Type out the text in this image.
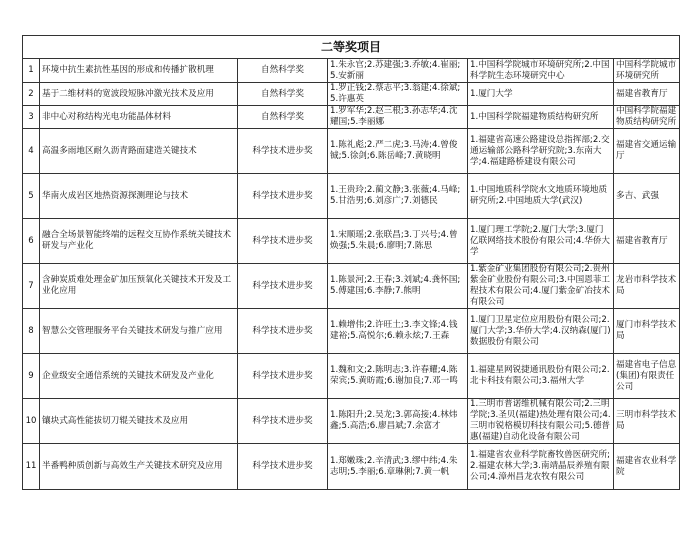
二等奖项目					
1	环境中抗生素抗性基因的形成和传播扩散机理	自然科学奖	1.朱永官;2.苏建强;3.乔敏;4.崔丽;5.安新丽	1.中国科学院城市环境研究所;2.中国科学院生态环境研究中心	中国科学院城市环境研究所
2	基于二维材料的宽波段短脉冲激光技术及应用	自然科学奖	1.罗正钱;2.蔡志平;3.翁建;4.徐斌;5.许惠英	1.厦门大学	福建省教育厅
3	非中心对称结构光电功能晶体材料	自然科学奖	1.罗军华;2.赵三根;3.孙志华;4.沈耀国;5.李丽娜	1.中国科学院福建物质结构研究所	中国科学院福建物质结构研究所
4	高温多雨地区耐久沥青路面建造关键技术	科学技术进步奖	1.陈礼彪;2.严二虎;3.马涛;4.曾俊铖;5.徐剑;6.陈岳峰;7.黄晓明	1.福建省高速公路建设总指挥部;2.交通运输部公路科学研究院;3.东南大学;4.福建路桥建设有限公司	福建省交通运输厅
5	华南火成岩区地热资源探测理论与技术	科学技术进步奖	1.王贵玲;2.蔺文静;3.张薇;4.马峰;5.甘浩男;6.刘彦广;7.刘德民	1.中国地质科学院水文地质环境地质研究所;2.中国地质大学(武汉)	多吉、武强
6	融合全场景智能终端的远程交互协作系统关键技术研发与产业化	科学技术进步奖	1.宋顺瑶;2.张联昌;3.丁兴号;4.曾焕强;5.朱晨;6.廖明;7.陈思	1.厦门理工学院;2.厦门大学;3.厦门亿联网络技术股份有限公司;4.华侨大学	福建省教育厅
7	含砷炭质难处理金矿加压预氧化关键技术开发及工业化应用	科学技术进步奖	1.陈景河;2.王春;3.刘斌;4.龚怀国;5.傅建国;6.李静;7.熊明	1.紫金矿业集团股份有限公司;2.贵州紫金矿业股份有限公司;3.中国恩菲工程技术有限公司;4.厦门紫金矿冶技术有限公司	龙岩市科学技术局
8	智慧公交管理服务平台关键技术研发与推广应用	科学技术进步奖	1.赖增伟;2.许旺土;3.李文锋;4.钱建裕;5.高悦尔;6.赖永炫;7.王森	1.厦门卫星定位应用股份有限公司;2.厦门大学;3.华侨大学;4.汉纳森(厦门)数据股份有限公司	厦门市科学技术局
9	企业级安全通信系统的关键技术研发及产业化	科学技术进步奖	1.魏和文;2.陈明志;3.许春耀;4.陈荣宾;5.黄昉霞;6.谢加良;7.邓一鸣	1.福建星网锐捷通讯股份有限公司;2.北卡科技有限公司;3.福州大学	福建省电子信息(集团)有限责任公司
10	镶块式高性能拔切刀辊关键技术及应用	科学技术进步奖	1.陈阳升;2.吴龙;3.郭高接;4.林炜鑫;5.高浩;6.廖昌斌;7.余富才	1.三明市普诺维机械有限公司;2.三明学院;3.圣贝(福建)热处理有限公司;4.三明市锐格模切科技有限公司;5.德普惠(福建)自动化设备有限公司	三明市科学技术局
11	半番鸭种质创新与高效生产关键技术研究及应用	科学技术进步奖	1.郑嫩珠;2.辛清武;3.缪中纬;4.朱志明;5.李丽;6.章琳俐;7.黄一帆	1.福建省农业科学院畜牧兽医研究所;2.福建农林大学;3.南靖晶辰养殖有限公司;4.漳州昌龙农牧有限公司	福建省农业科学院
